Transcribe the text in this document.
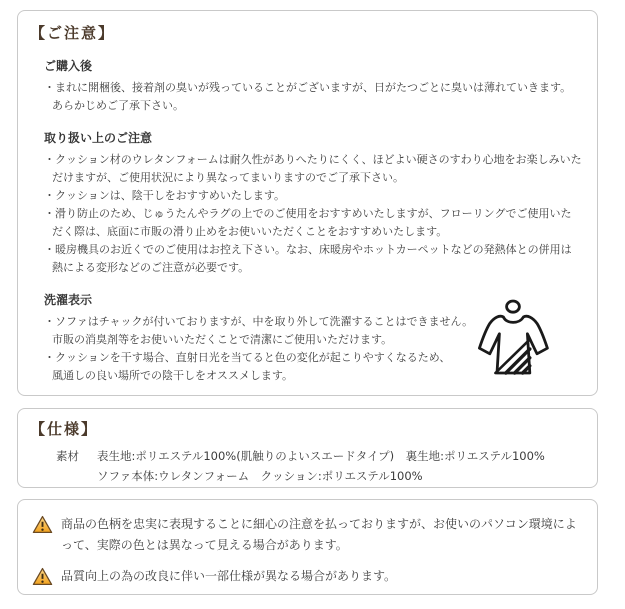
【ご注意】
ご購入後

・まれに開梱後、接着剤の臭いが残っていることがございますが、日がたつごとに臭いは薄れていきます。

あらかじめご了承下さい。

取り扱い上のご注意

・クッション材のウレタンフォームは耐久性がありへたりにくく、ほどよい硬さのすわり心地をお楽しみいた

だけますが、ご使用状況により異なってまいりますのでご了承下さい。

・クッションは、陰干しをおすすめいたします。

・滑り防止のため、じゅうたんやラグの上でのご使用をおすすめいたしますが、フローリングでご使用いた

だく際は、底面に市販の滑り止めをお使いいただくことをおすすめいたします。

・暖房機具のお近くでのご使用はお控え下さい。なお、床暖房やホットカーペットなどの発熱体との併用は

熱による変形などのご注意が必要です。

洗濯表示

・ソファはチャックが付いておりますが、中を取り外して洗濯することはできません。

市販の消臭剤等をお使いいただくことで清潔にご使用いただけます。

・クッションを干す場合、直射日光を当てると色の変化が起こりやすくなるため、

風通しの良い場所での陰干しをオススメします。

【仕様】
素材 表生地:ポリエステル100%(肌触りのよいスエードタイプ)　裏生地:ポリエステル100%

ソファ本体:ウレタンフォーム　クッション:ポリエステル100%

商品の色柄を忠実に表現することに細心の注意を払っておりますが、お使いのパソコン環境によって、実際の色とは異なって見える場合があります。

品質向上の為の改良に伴い一部仕様が異なる場合があります。
